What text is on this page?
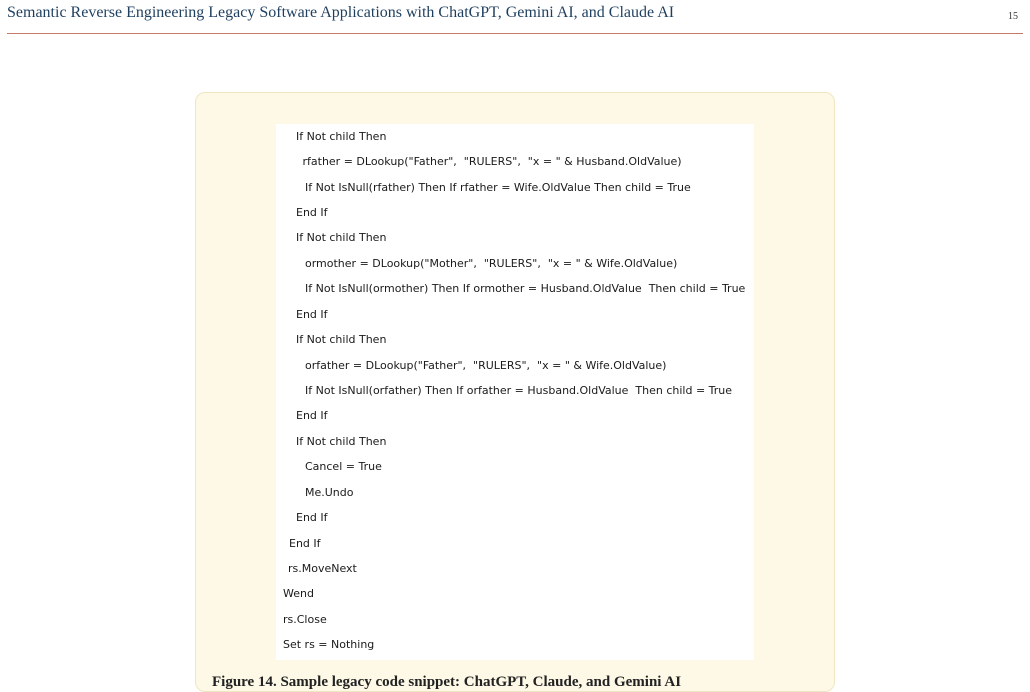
Semantic Reverse Engineering Legacy Software Applications with ChatGPT, Gemini AI, and Claude AI	15
If Not child Then
rfather = DLookup("Father",  "RULERS",  "x = " & Husband.OldValue)
If Not IsNull(rfather) Then If rfather = Wife.OldValue Then child = True
End If
If Not child Then
ormother = DLookup("Mother",  "RULERS",  "x = " & Wife.OldValue)
If Not IsNull(ormother) Then If ormother = Husband.OldValue  Then child = True
End If
If Not child Then
orfather = DLookup("Father",  "RULERS",  "x = " & Wife.OldValue)
If Not IsNull(orfather) Then If orfather = Husband.OldValue  Then child = True
End If
If Not child Then
Cancel = True
Me.Undo
End If
End If
rs.MoveNext
Wend
rs.Close
Set rs = Nothing
Figure 14. Sample legacy code snippet: ChatGPT, Claude, and Gemini AI
